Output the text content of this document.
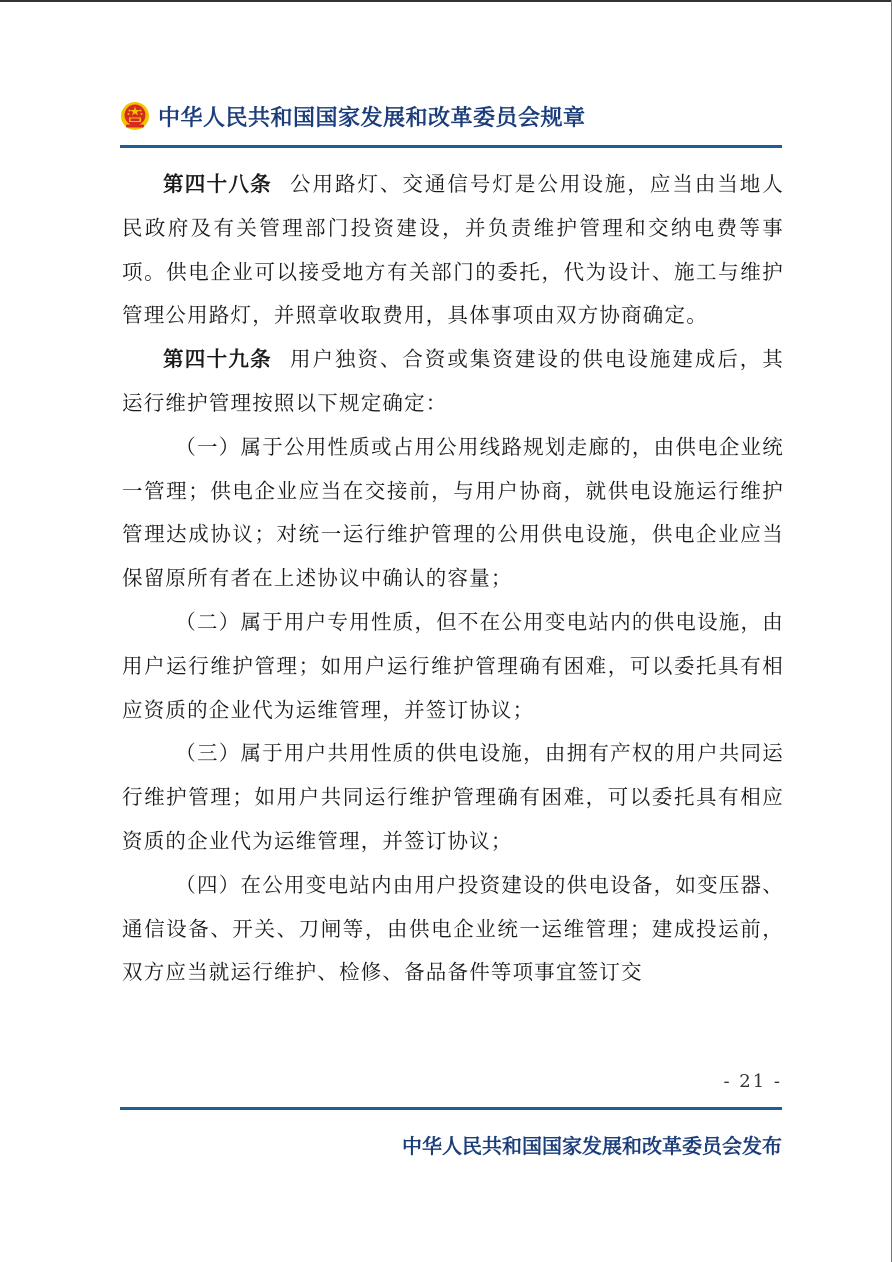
中华人民共和国国家发展和改革委员会规章

第四十八条 公用路灯、交通信号灯是公用设施，应当由当地人民政府及有关管理部门投资建设，并负责维护管理和交纳电费等事项。供电企业可以接受地方有关部门的委托，代为设计、施工与维护管理公用路灯，并照章收取费用，具体事项由双方协商确定。

第四十九条 用户独资、合资或集资建设的供电设施建成后，其运行维护管理按照以下规定确定：

（一）属于公用性质或占用公用线路规划走廊的，由供电企业统一管理；供电企业应当在交接前，与用户协商，就供电设施运行维护管理达成协议；对统一运行维护管理的公用供电设施，供电企业应当保留原所有者在上述协议中确认的容量；

（二）属于用户专用性质，但不在公用变电站内的供电设施，由用户运行维护管理；如用户运行维护管理确有困难，可以委托具有相应资质的企业代为运维管理，并签订协议；

（三）属于用户共用性质的供电设施，由拥有产权的用户共同运行维护管理；如用户共同运行维护管理确有困难，可以委托具有相应资质的企业代为运维管理，并签订协议；

（四）在公用变电站内由用户投资建设的供电设备，如变压器、通信设备、开关、刀闸等，由供电企业统一运维管理；建成投运前，双方应当就运行维护、检修、备品备件等项事宜签订交

- 21 -
中华人民共和国国家发展和改革委员会发布
